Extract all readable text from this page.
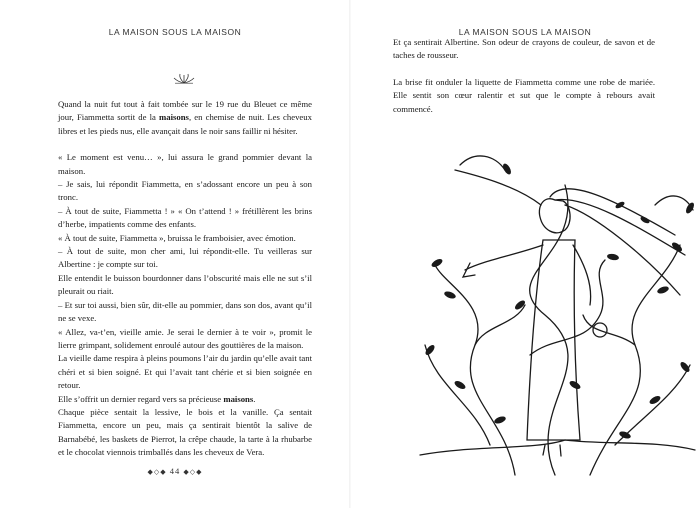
LA MAISON SOUS LA MAISON

Quand la nuit fut tout à fait tombée sur le 19 rue du Bleuet ce même jour, Fiammetta sortit de la maisons, en chemise de nuit. Les cheveux libres et les pieds nus, elle avançait dans le noir sans faillir ni hésiter.

« Le moment est venu… », lui assura le grand pommier devant la maison.

– Je sais, lui répondit Fiammetta, en s’adossant encore un peu à son tronc.

– À tout de suite, Fiammetta ! » « On t’attend ! » frétillèrent les brins d’herbe, impatients comme des enfants.

« À tout de suite, Fiammetta », bruissa le framboisier, avec émotion.

– À tout de suite, mon cher ami, lui répondit-elle. Tu veilleras sur Albertine : je compte sur toi.

Elle entendit le buisson bourdonner dans l’obscurité mais elle ne sut s’il pleurait ou riait.

– Et sur toi aussi, bien sûr, dit-elle au pommier, dans son dos, avant qu’il ne se vexe.

« Allez, va-t’en, vieille amie. Je serai le dernier à te voir », promit le lierre grimpant, solidement enroulé autour des gouttières de la maison.

La vieille dame respira à pleins poumons l’air du jardin qu’elle avait tant chéri et si bien soigné. Et qui l’avait tant chérie et si bien soignée en retour.

Elle s’offrit un dernier regard vers sa précieuse maisons.

Chaque pièce sentait la lessive, le bois et la vanille. Ça sentait Fiammetta, encore un peu, mais ça sentirait bientôt la salive de Barnabébé, les baskets de Pierrot, la crêpe chaude, la tarte à la rhubarbe et le chocolat viennois trimballés dans les cheveux de Vera.

◆◇◆ 44 ◆◇◆
LA MAISON SOUS LA MAISON

Et ça sentirait Albertine. Son odeur de crayons de couleur, de savon et de taches de rousseur.

La brise fit onduler la liquette de Fiammetta comme une robe de mariée. Elle sentit son cœur ralentir et sut que le compte à rebours avait commencé.
